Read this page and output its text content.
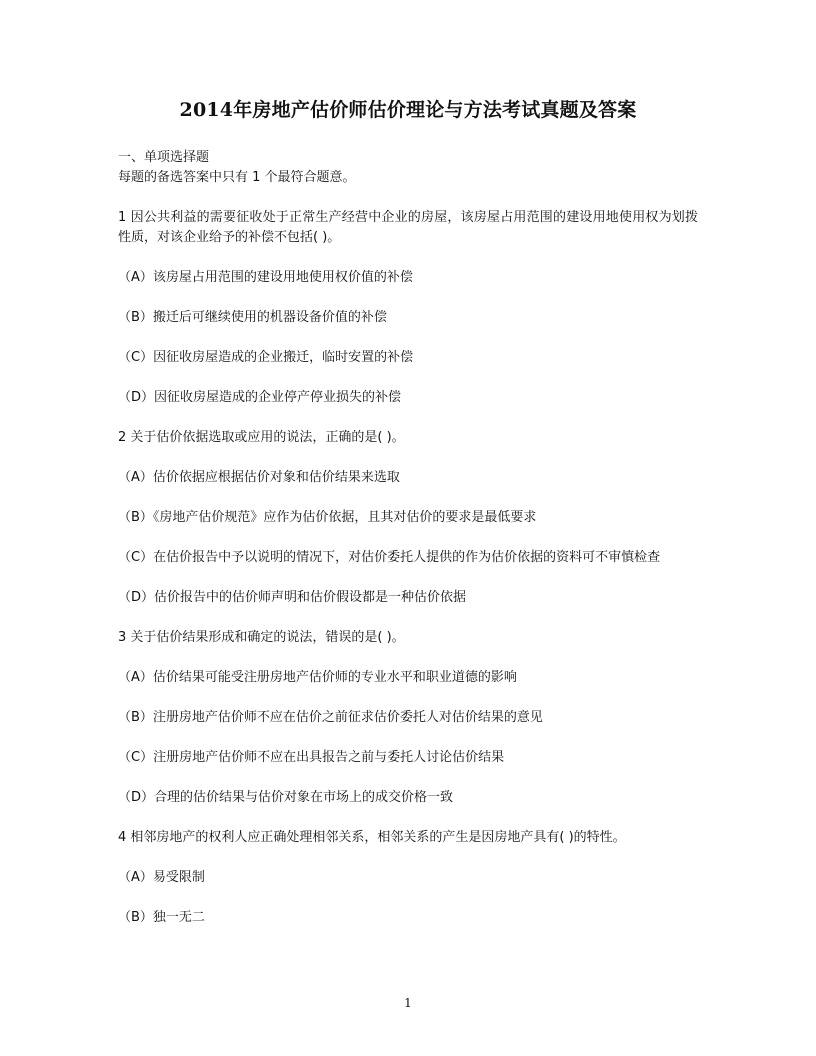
2014年房地产估价师估价理论与方法考试真题及答案
一、单项选择题
每题的备选答案中只有 1 个最符合题意。
1 因公共利益的需要征收处于正常生产经营中企业的房屋，该房屋占用范围的建设用地使用权为划拨性质，对该企业给予的补偿不包括( )。
（A）该房屋占用范围的建设用地使用权价值的补偿
（B）搬迁后可继续使用的机器设备价值的补偿
（C）因征收房屋造成的企业搬迁，临时安置的补偿
（D）因征收房屋造成的企业停产停业损失的补偿
2 关于估价依据选取或应用的说法，正确的是( )。
（A）估价依据应根据估价对象和估价结果来选取
（B）《房地产估价规范》应作为估价依据，且其对估价的要求是最低要求
（C）在估价报告中予以说明的情况下，对估价委托人提供的作为估价依据的资料可不审慎检查
（D）估价报告中的估价师声明和估价假设都是一种估价依据
3 关于估价结果形成和确定的说法，错误的是( )。
（A）估价结果可能受注册房地产估价师的专业水平和职业道德的影响
（B）注册房地产估价师不应在估价之前征求估价委托人对估价结果的意见
（C）注册房地产估价师不应在出具报告之前与委托人讨论估价结果
（D）合理的估价结果与估价对象在市场上的成交价格一致
4 相邻房地产的权利人应正确处理相邻关系，相邻关系的产生是因房地产具有( )的特性。
（A）易受限制
（B）独一无二
1
